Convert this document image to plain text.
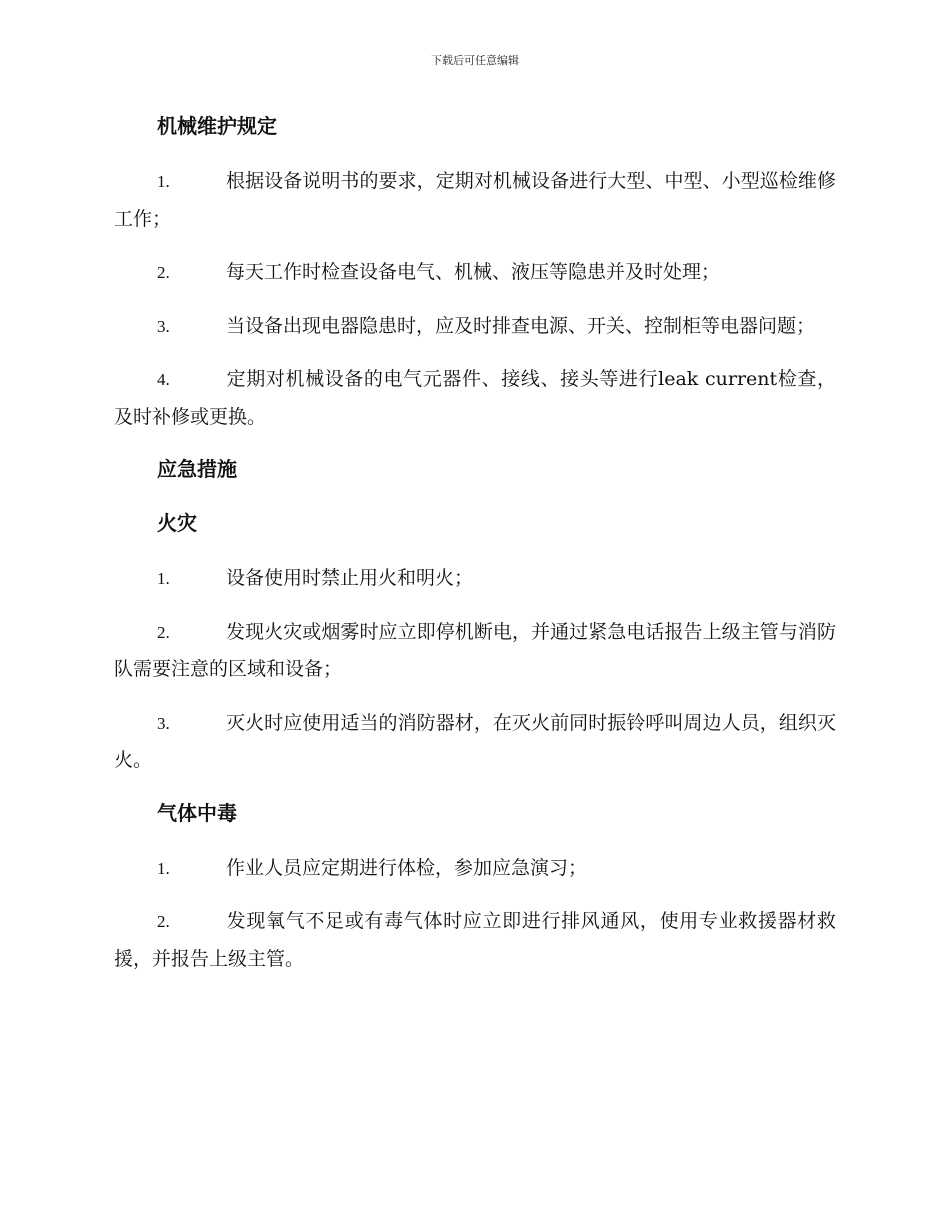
下载后可任意编辑
机械维护规定
1.	根据设备说明书的要求，定期对机械设备进行大型、中型、小型巡检维修工作；
2.	每天工作时检查设备电气、机械、液压等隐患并及时处理；
3.	当设备出现电器隐患时，应及时排查电源、开关、控制柜等电器问题；
4.	定期对机械设备的电气元器件、接线、接头等进行leak current检查，及时补修或更换。
应急措施
火灾
1.	设备使用时禁止用火和明火；
2.	发现火灾或烟雾时应立即停机断电，并通过紧急电话报告上级主管与消防队需要注意的区域和设备；
3.	灭火时应使用适当的消防器材，在灭火前同时振铃呼叫周边人员，组织灭火。
气体中毒
1.	作业人员应定期进行体检，参加应急演习；
2.	发现氧气不足或有毒气体时应立即进行排风通风，使用专业救援器材救援，并报告上级主管。
